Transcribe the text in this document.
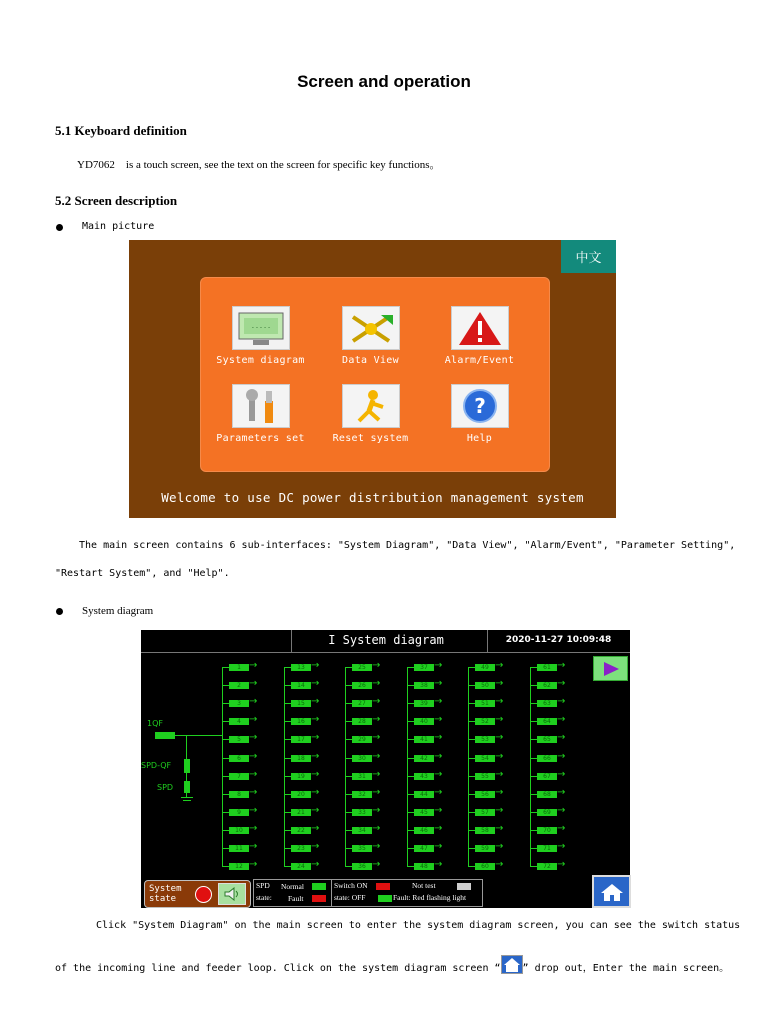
Screen and operation
5.1 Keyboard definition
YD7062 is a touch screen, see the text on the screen for specific key functions。
5.2 Screen description
Main picture
中文
- - - - -
System diagram	Data View	Alarm/Event
Parameters set	Reset system
?
Help
Welcome to use DC power distribution management system
The main screen contains 6 sub-interfaces: "System Diagram", "Data View", "Alarm/Event", "Parameter Setting",
"Restart System", and "Help".
System diagram
I System diagram	2020-11-27 10:09:48
1QF
SPD-QF
SPD
1 →
2 →
3 →
4 →
5 →
6 →
7 →
8 →
9 →
10 →
11 →
12 →
13 →
14 →
15 →
16 →
17 →
18 →
19 →
20 →
21 →
22 →
23 →
24 →
25 →
26 →
27 →
28 →
29 →
30 →
31 →
32 →
33 →
34 →
35 →
36 →
37 →
38 →
39 →
40 →
41 →
42 →
43 →
44 →
45 →
46 →
47 →
48 →
49 →
50 →
51 →
52 →
53 →
54 →
55 →
56 →
57 →
58 →
59 →
60 →
61 →
62 →
63 →
64 →
65 →
66 →
67 →
68 →
69 →
70 →
71 →
72 →
System state
SPD
state:
Normal
Fault
Switch ON
state: OFF
Not test
Fault: Red flashing light
Click "System Diagram" on the main screen to enter the system diagram screen, you can see the switch status
of the incoming line and feeder loop. Click on the system diagram screen “ ” drop out，Enter the main screen。
